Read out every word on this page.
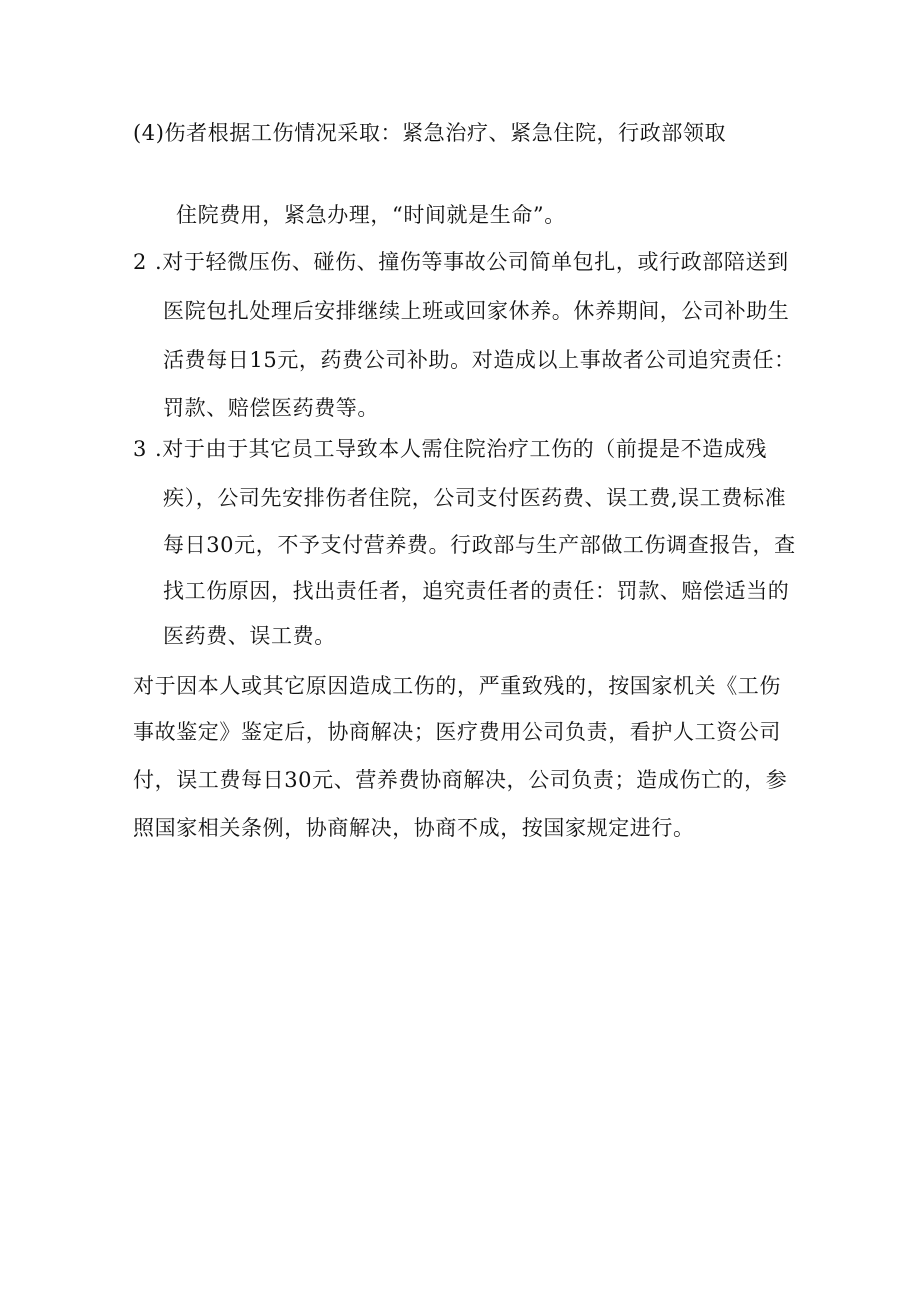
(4)伤者根据工伤情况采取：紧急治疗、紧急住院，行政部领取
住院费用，紧急办理，“时间就是生命”。
2 .对于轻微压伤、碰伤、撞伤等事故公司简单包扎，或行政部陪送到
医院包扎处理后安排继续上班或回家休养。休养期间，公司补助生
活费每日15元，药费公司补助。对造成以上事故者公司追究责任：
罚款、赔偿医药费等。
3 .对于由于其它员工导致本人需住院治疗工伤的（前提是不造成残
疾），公司先安排伤者住院，公司支付医药费、误工费,误工费标准
每日30元，不予支付营养费。行政部与生产部做工伤调查报告，查
找工伤原因，找出责任者，追究责任者的责任：罚款、赔偿适当的
医药费、误工费。
对于因本人或其它原因造成工伤的，严重致残的，按国家机关《工伤
事故鉴定》鉴定后，协商解决；医疗费用公司负责，看护人工资公司
付，误工费每日30元、营养费协商解决，公司负责；造成伤亡的，参
照国家相关条例，协商解决，协商不成，按国家规定进行。
